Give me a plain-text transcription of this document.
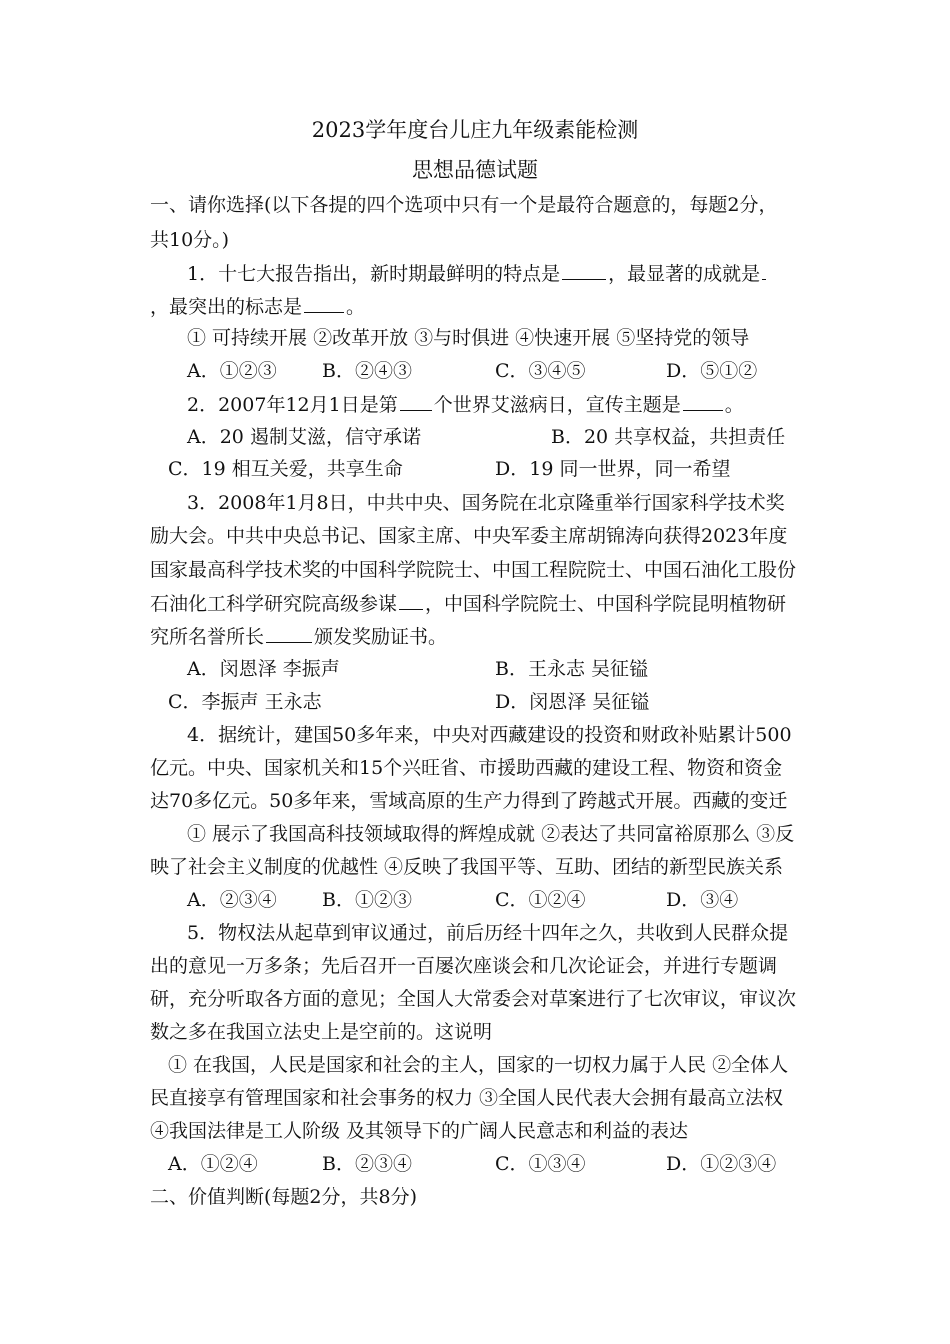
2023学年度台儿庄九年级素能检测
思想品德试题
一、请你选择(以下各提的四个选项中只有一个是最符合题意的，每题2分，
共10分。)
1．十七大报告指出，新时期最鲜明的特点是	，最显著的成就是
，最突出的标志是 。
① 可持续开展 ②改革开放 ③与时俱进 ④快速开展 ⑤坚持党的领导
A．①②③ B．②④③	C．③④⑤	D．⑤①②
2．2007年12月1日是第 个世界艾滋病日，宣传主题是 。
A．20 遏制艾滋，信守承诺	B．20 共享权益，共担责任
C．19 相互关爱，共享生命	D．19 同一世界，同一希望
3．2008年1月8日，中共中央、国务院在北京隆重举行国家科学技术奖
励大会。中共中央总书记、国家主席、中央军委主席胡锦涛向获得2023年度
国家最高科学技术奖的中国科学院院士、中国工程院院士、中国石油化工股份
石油化工科学研究院高级参谋 ，中国科学院院士、中国科学院昆明植物研
究所名誉所长	颁发奖励证书。
A．闵恩泽 李振声	B．王永志 吴征镒
C．李振声 王永志	D．闵恩泽 吴征镒
4．据统计，建国50多年来，中央对西藏建设的投资和财政补贴累计500
亿元。中央、国家机关和15个兴旺省、市援助西藏的建设工程、物资和资金
达70多亿元。50多年来，雪域高原的生产力得到了跨越式开展。西藏的变迁
① 展示了我国高科技领域取得的辉煌成就 ②表达了共同富裕原那么 ③反
映了社会主义制度的优越性 ④反映了我国平等、互助、团结的新型民族关系
A．②③④ B．①②③	C．①②④	D．③④
5．物权法从起草到审议通过，前后历经十四年之久，共收到人民群众提
出的意见一万多条；先后召开一百屡次座谈会和几次论证会，并进行专题调
研，充分听取各方面的意见；全国人大常委会对草案进行了七次审议，审议次
数之多在我国立法史上是空前的。这说明
① 在我国，人民是国家和社会的主人，国家的一切权力属于人民 ②全体人
民直接享有管理国家和社会事务的权力 ③全国人民代表大会拥有最高立法权
④我国法律是工人阶级 及其领导下的广阔人民意志和利益的表达
A．①②④	B．②③④	C．①③④	D．①②③④
二、价值判断(每题2分，共8分)
